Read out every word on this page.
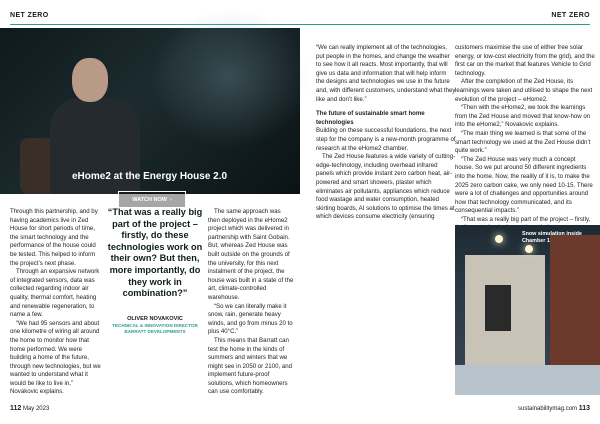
NET ZERO
eHome2 at the Energy House 2.0
WATCH NOW ›

Through this partnership, and by having academics live in Zed House for short periods of time, the smart technology and the performance of the house could be tested. This helped to inform the project’s next phase.

Through an expansive network of integrated sensors, data was collected regarding indoor air quality, thermal comfort, heating and renewable regeneration, to name a few.

“We had 95 sensors and about one kilometre of wiring all around the home to monitor how that home performed. We were building a home of the future, through new technologies, but we wanted to understand what it would be like to live in,” Novakovic explains.

“That was a really big part of the project – firstly, do these technologies work on their own? But then, more importantly, do they work in combination?”
OLIVER NOVAKOVIC
TECHNICAL & INNOVATION DIRECTOR BARRATT DEVELOPMENTS

The same approach was then deployed in the eHome2 project which was delivered in partnership with Saint Gobain. But, whereas Zed House was built outside on the grounds of the university, for this next instalment of the project, the house was built in a state of the art, climate-controlled warehouse.

“So we can literally make it snow, rain, generate heavy winds, and go from minus 20 to plus 40°C.”

This means that Barratt can test the home in the kinds of summers and winters that we might see in 2050 or 2100, and implement future-proof solutions, which homeowners can use comfortably.

112 May 2023
NET ZERO

“We can really implement all of the technologies, put people in the homes, and change the weather to see how it all reacts. Most importantly, that will give us data and information that will help inform the designs and technologies we use in the future and, with different customers, understand what they like and don’t like.”

The future of sustainable smart home technologies

Building on these successful foundations, the next step for the company is a new-month programme of research at the eHome2 chamber.

The Zed House features a wide variety of cutting-edge-technology, including overhead infrared panels which provide instant zero carbon heat, air-powered and smart showers, plaster which eliminates air pollutants, appliances which reduce food wastage and water consumption, heated skirting boards, AI solutions to optimise the times at which devices consume electricity (ensuring

customers maximise the use of either free solar energy, or low-cost electricity from the grid), and the first car on the market that features Vehicle to Grid technology.

After the completion of the Zed House, its learnings were taken and utilised to shape the next evolution of the project – eHome2.

“Then with the eHome2, we took the learnings from the Zed House and moved that know-how on into the eHome2,” Novakovic explains.

“The main thing we learned is that some of the smart technology we used at the Zed House didn’t quite work.”

“The Zed House was very much a concept house. So we put around 50 different ingredients into the home. Now, the reality of it is, to make the 2025 zero carbon cake, we only need 10-15. There were a lot of challenges and opportunities around how that technology communicated, and its consequential impacts.”

“That was a really big part of the project – firstly,

sustainabilitymag.com 113
Snow simulation inside Chamber 1
